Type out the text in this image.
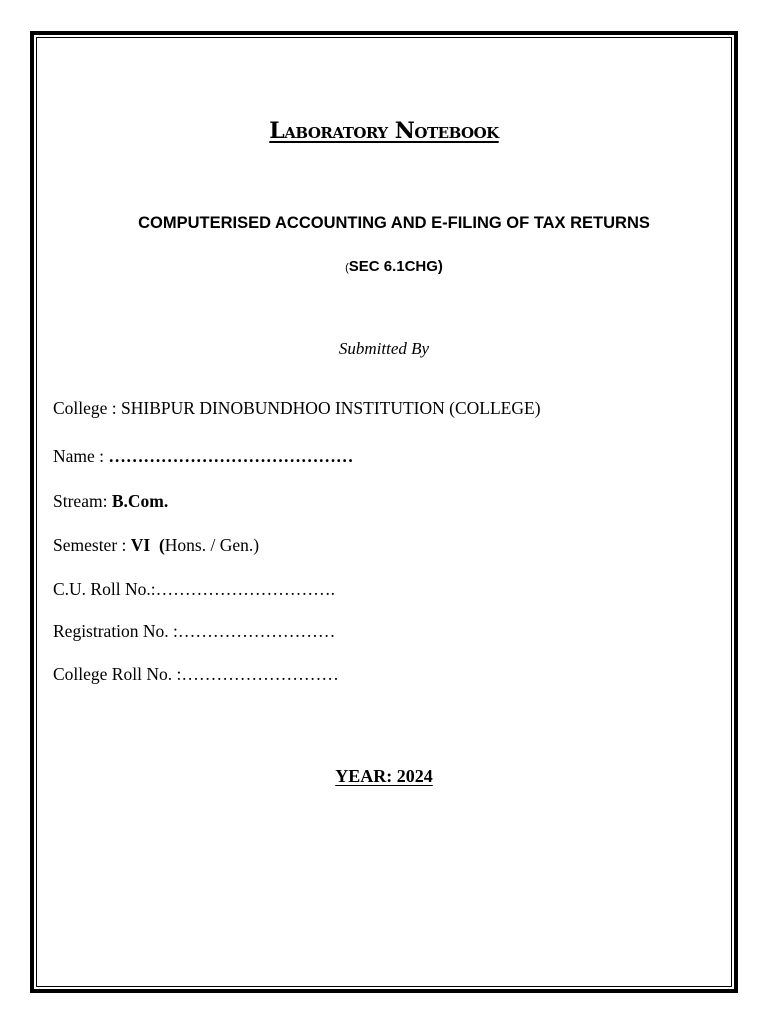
Laboratory Notebook
COMPUTERISED ACCOUNTING AND E-FILING OF TAX RETURNS
(SEC 6.1CHG)
Submitted By
College : SHIBPUR DINOBUNDHOO INSTITUTION (COLLEGE)
Name : ……………………………………
Stream: B.Com.
Semester : VI  (Hons. / Gen.)
C.U. Roll No.:………………………….
Registration No. :………………………
College Roll No. :………………………
YEAR: 2024
